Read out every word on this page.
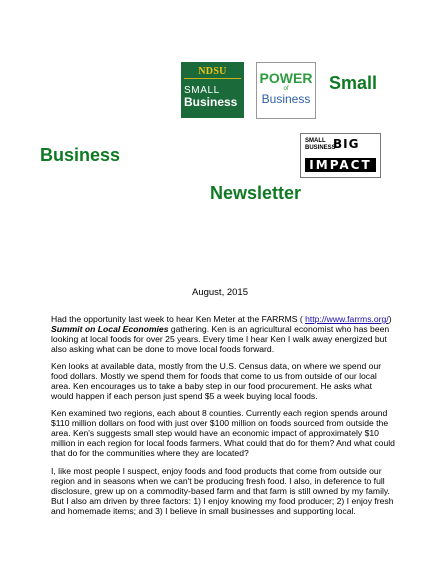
NDSU
SMALL
Business
POWER
of
Business
SMALL BUSINESSBIG
IMPACT
Small
Business
Newsletter
August, 2015

Had the opportunity last week to hear Ken Meter at the FARRMS ( http://www.farrms.org/) Summit on Local Economies gathering. Ken is an agricultural economist who has been looking at local foods for over 25 years. Every time I hear Ken I walk away energized but also asking what can be done to move local foods forward.

Ken looks at available data, mostly from the U.S. Census data, on where we spend our food dollars. Mostly we spend them for foods that come to us from outside of our local area. Ken encourages us to take a baby step in our food procurement. He asks what would happen if each person just spend $5 a week buying local foods.

Ken examined two regions, each about 8 counties. Currently each region spends around $110 million dollars on food with just over $100 million on foods sourced from outside the area. Ken's suggests small step would have an economic impact of approximately $10 million in each region for local foods farmers. What could that do for them? And what could that do for the communities where they are located?

I, like most people I suspect, enjoy foods and food products that come from outside our region and in seasons when we can't be producing fresh food. I also, in deference to full disclosure, grew up on a commodity-based farm and that farm is still owned by my family. But I also am driven by three factors: 1) I enjoy knowing my food producer; 2) I enjoy fresh and homemade items; and 3) I believe in small businesses and supporting local.
